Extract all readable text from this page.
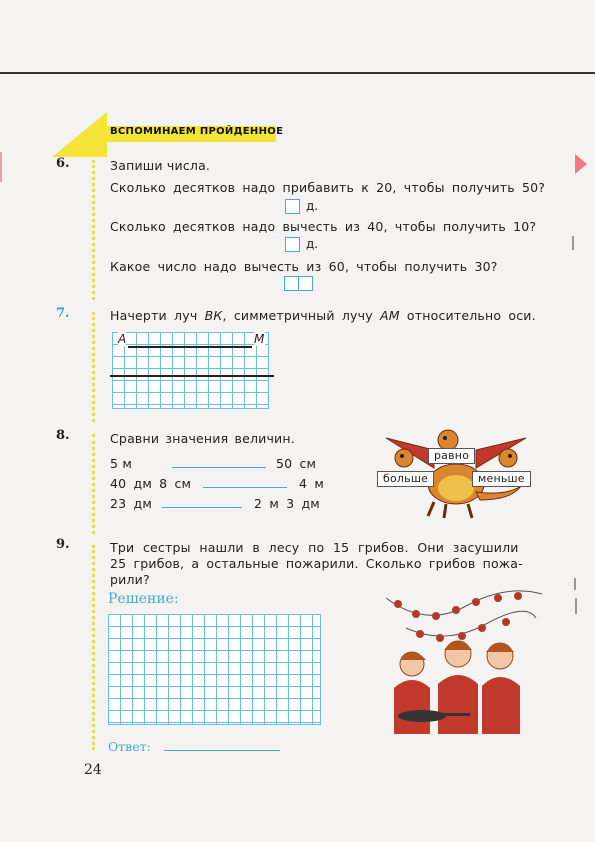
ВСПОМИНАЕМ ПРОЙДЕННОЕ
6.	Запиши числа.
Сколько десятков надо прибавить к 20, чтобы получить 50?
д.
Сколько десятков надо вычесть из 40, чтобы получить 10?
д.
Какое число надо вычесть из 60, чтобы получить 30?
7.	Начерти луч ВК, симметричный лучу АМ относительно оси.
A	M
8.	Сравни значения величин.
5 м	50 см
40 дм 8 см	4 м
23 дм	2 м 3 дм
равно
больше	меньше
9.	Три сестры нашли в лесу по 15 грибов. Они засушили
25 грибов, а остальные пожарили. Сколько грибов пожа-
рили?
Решение:
Ответ:
24
